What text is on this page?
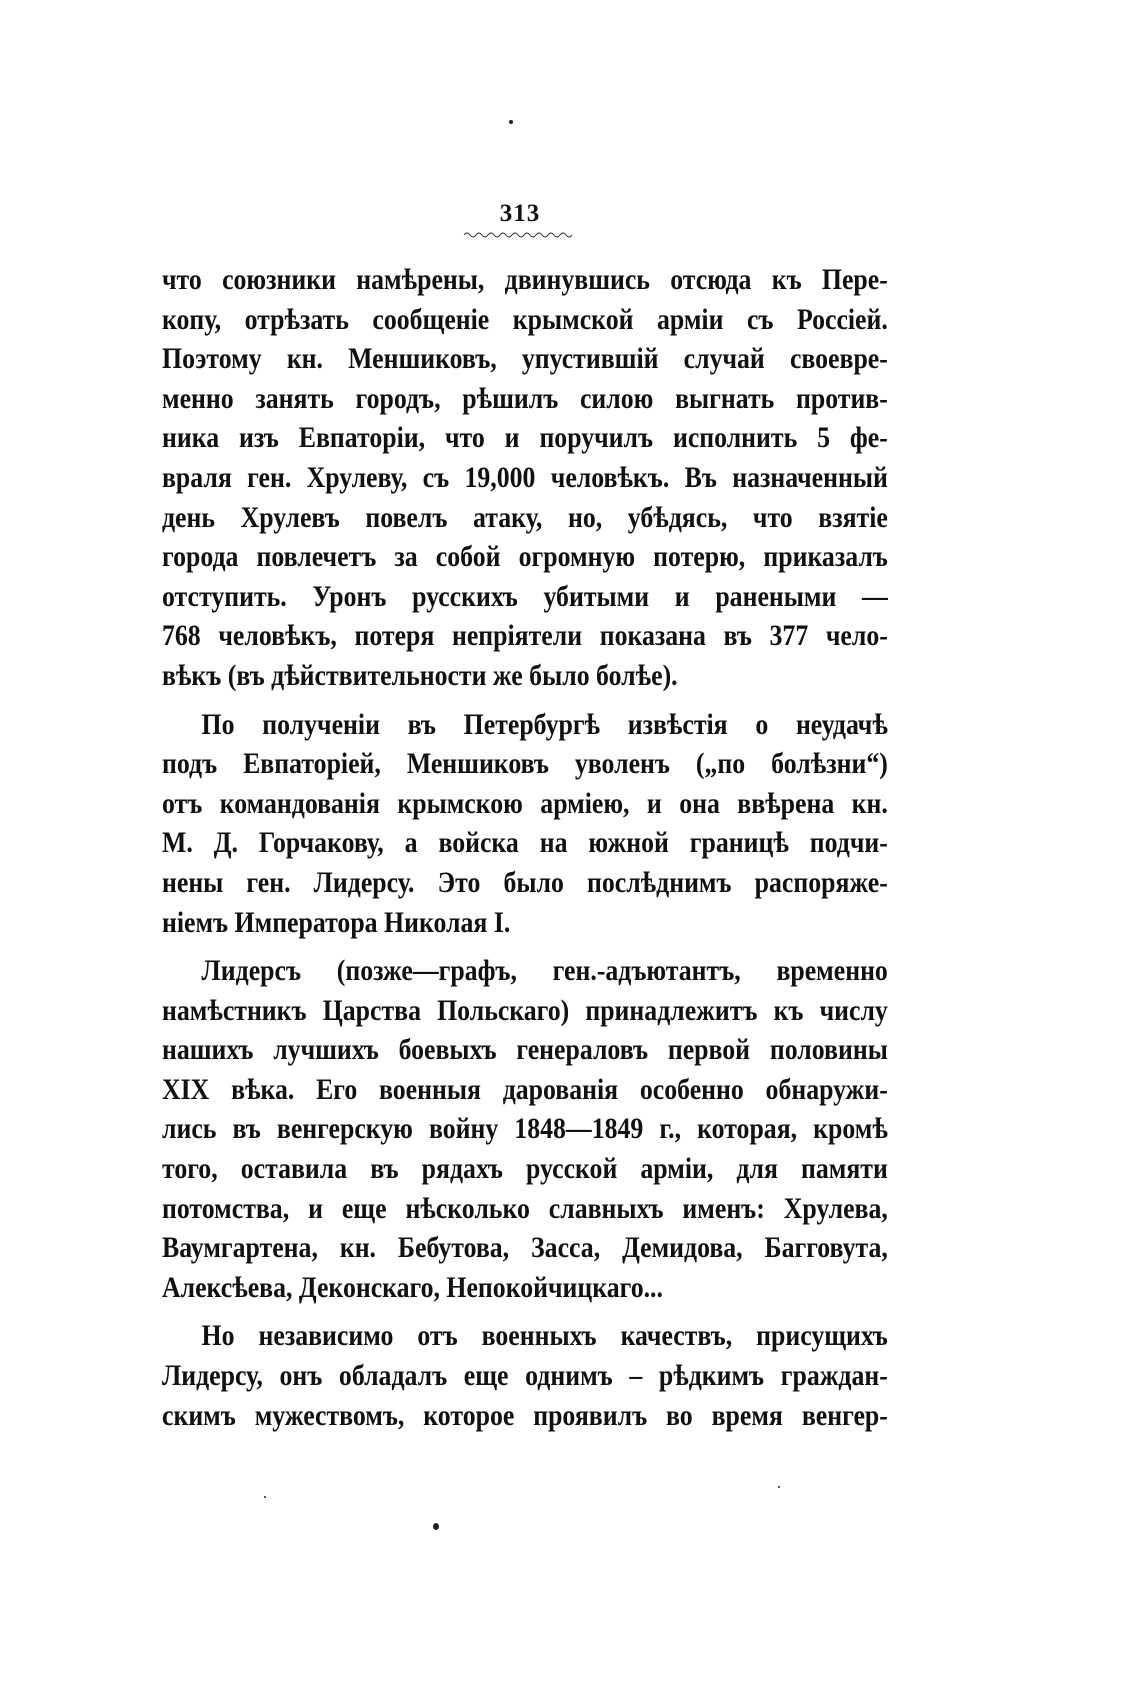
313
что союзники намѣрены, двинувшись отсюда къ Пере-
копу, отрѣзать сообщеніе крымской арміи съ Россіей.
Поэтому кн. Меншиковъ, упустившій случай своевре-
менно занять городъ, рѣшилъ силою выгнать против-
ника изъ Евпаторіи, что и поручилъ исполнить 5 фе-
враля ген. Хрулеву, съ 19,000 человѣкъ. Въ назначенный
день Хрулевъ повелъ атаку, но, убѣдясь, что взятіе
города повлечетъ за собой огромную потерю, приказалъ
отступить. Уронъ русскихъ убитыми и ранеными —
768 человѣкъ, потеря непріятели показана въ 377 чело-
вѣкъ (въ дѣйствительности же было болѣе).
По полученіи въ Петербургѣ извѣстія о неудачѣ
подъ Евпаторіей, Меншиковъ уволенъ („по болѣзни“)
отъ командованія крымскою арміею, и она ввѣрена кн.
М. Д. Горчакову, а войска на южной границѣ подчи-
нены ген. Лидерсу. Это было послѣднимъ распоряже-
ніемъ Императора Николая I.
Лидерсъ (позже—графъ, ген.-адъютантъ, временно
намѣстникъ Царства Польскаго) принадлежитъ къ числу
нашихъ лучшихъ боевыхъ генераловъ первой половины
XIX вѣка. Его военныя дарованія особенно обнаружи-
лись въ венгерскую войну 1848—1849 г., которая, кромѣ
того, оставила въ рядахъ русской арміи, для памяти
потомства, и еще нѣсколько славныхъ именъ: Хрулева,
Ваумгартена, кн. Бебутова, Засса, Демидова, Багговута,
Алексѣева, Деконскаго, Непокойчицкаго...
Но независимо отъ военныхъ качествъ, присущихъ
Лидерсу, онъ обладалъ еще однимъ – рѣдкимъ граждан-
скимъ мужествомъ, которое проявилъ во время венгер-
